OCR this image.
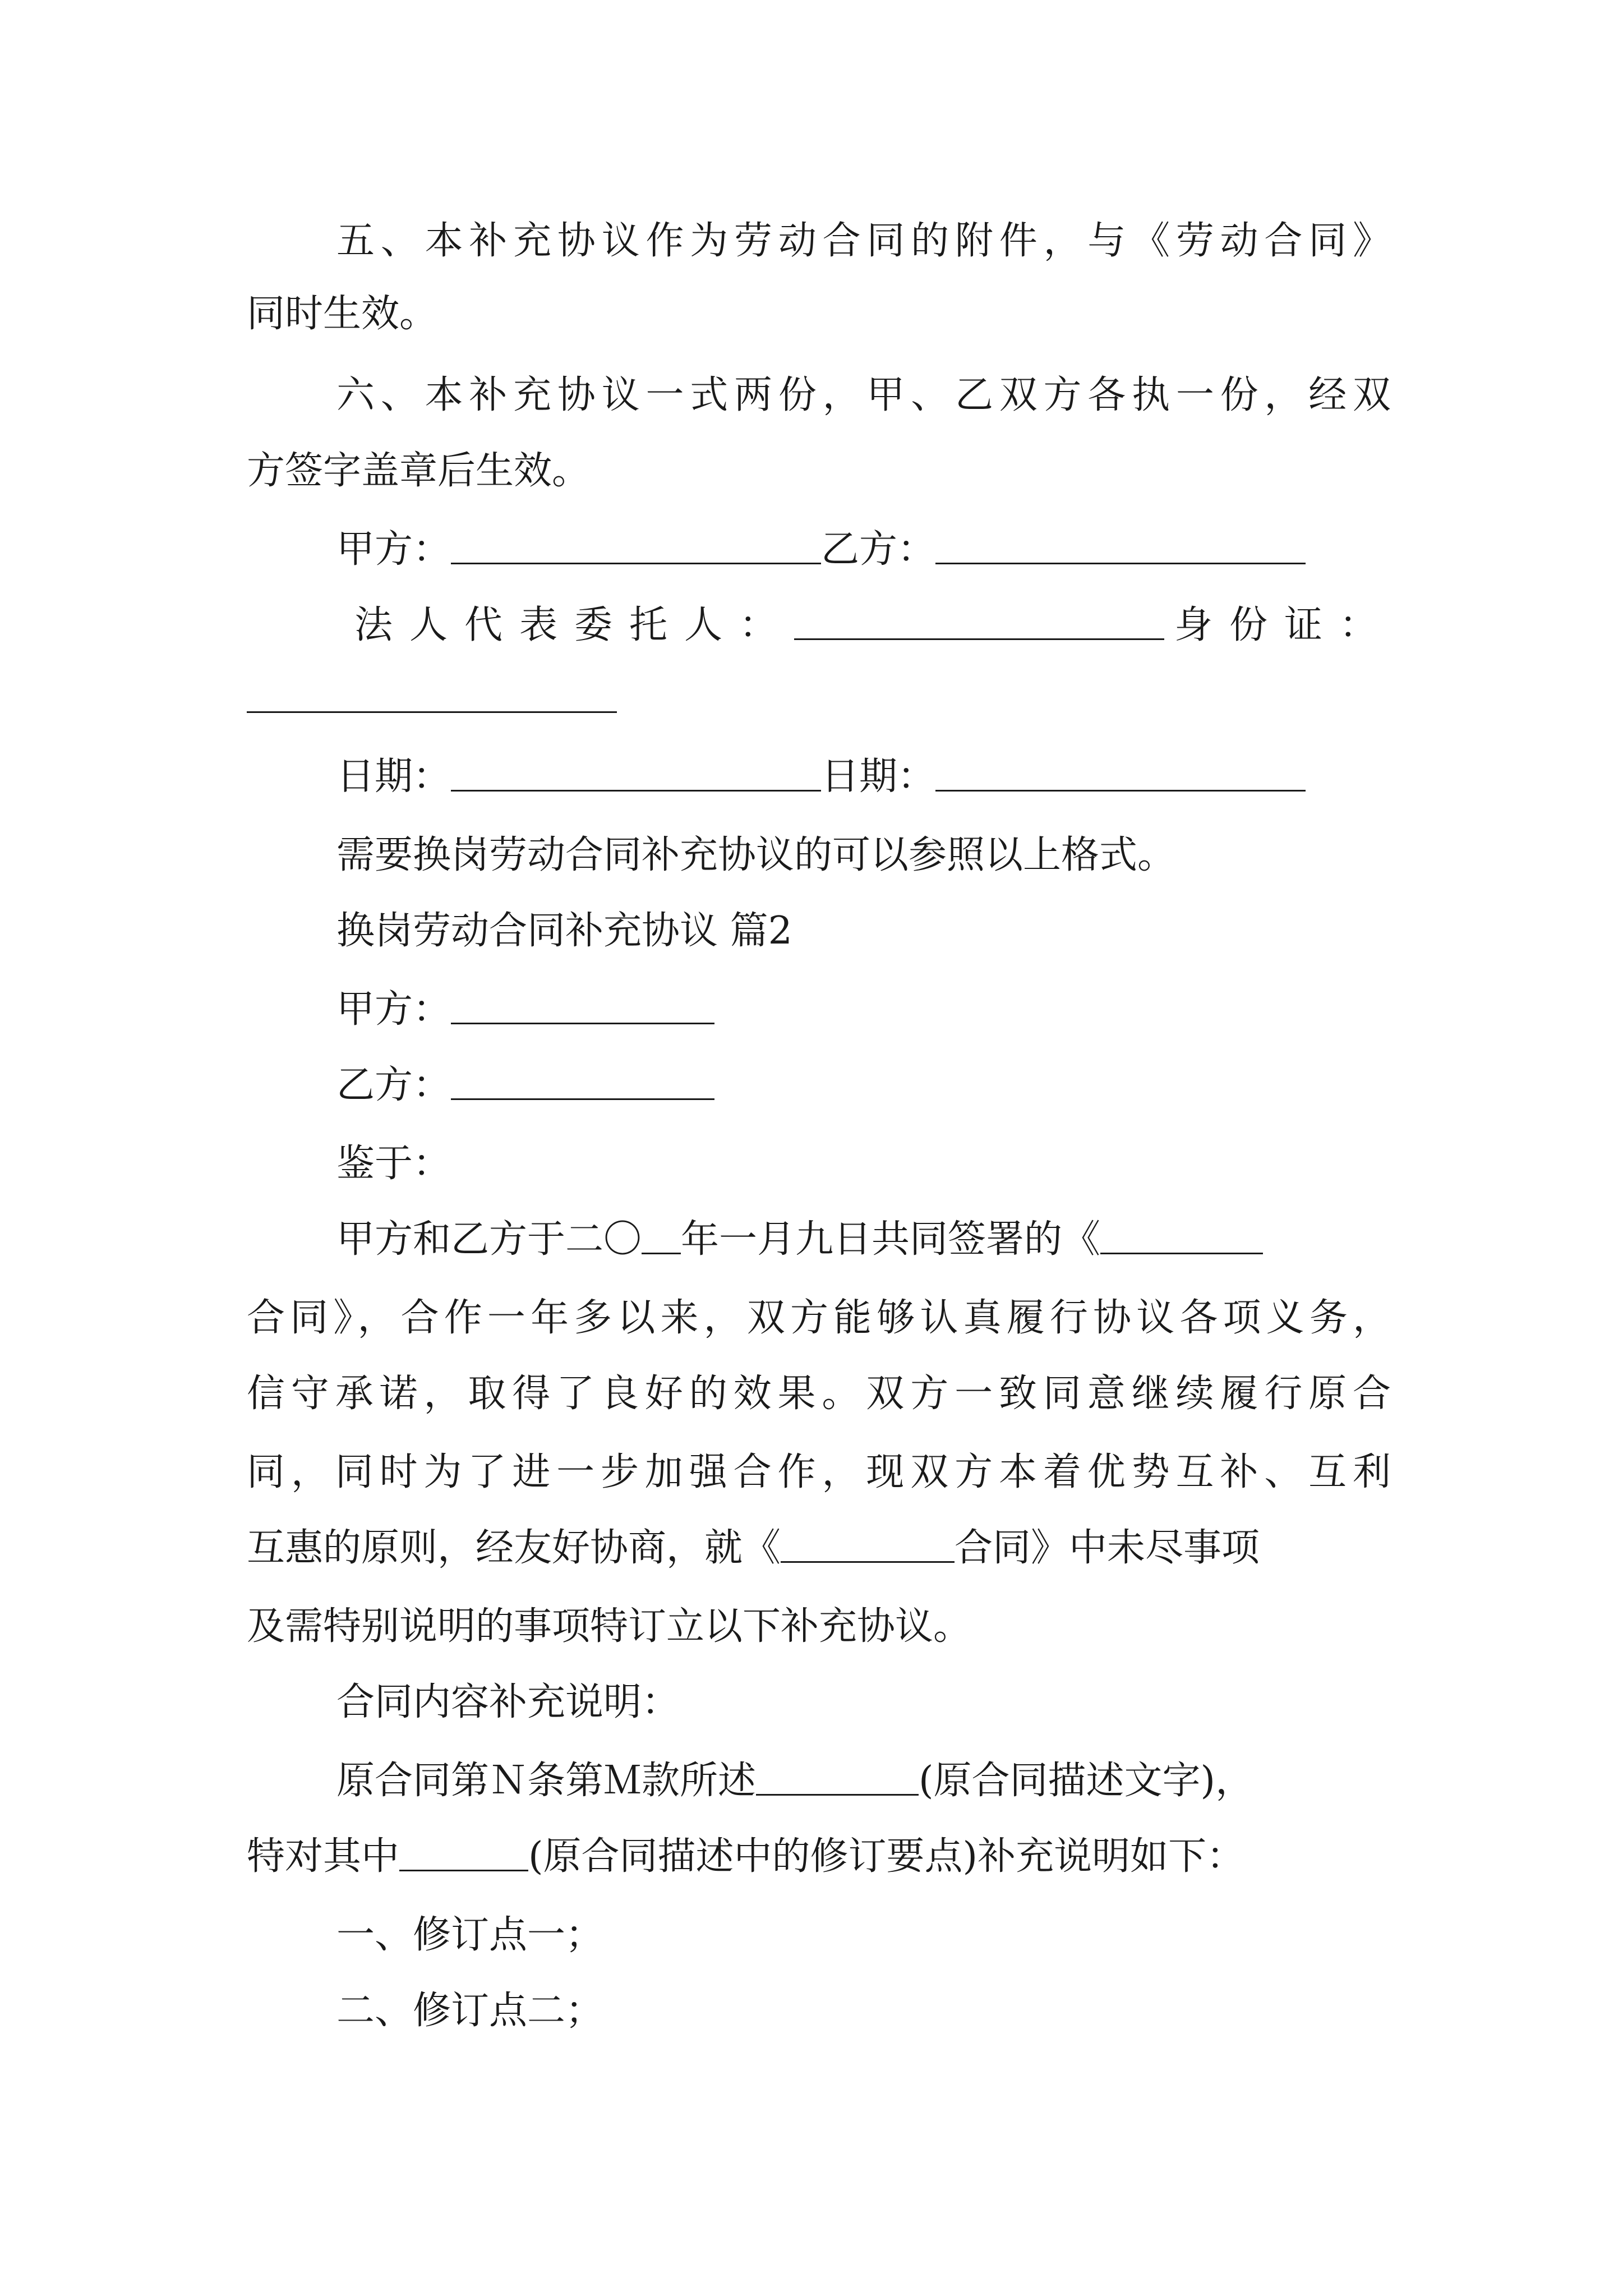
五、本补充协议作为劳动合同的附件，与《劳动合同》
同时生效。
六、本补充协议一式两份，甲、乙双方各执一份，经双
方签字盖章后生效。
甲方：	乙方：
法人代表委托人：	身份证：
日期：	日期：
需要换岗劳动合同补充协议的可以参照以上格式。
换岗劳动合同补充协议 篇2
甲方：
乙方：
鉴于：
甲方和乙方于二〇 年一月九日共同签署的《
合同》，合作一年多以来，双方能够认真履行协议各项义务，
信守承诺，取得了良好的效果。双方一致同意继续履行原合
同，同时为了进一步加强合作，现双方本着优势互补、互利
互惠的原则，经友好协商，就《	合同》中未尽事项
及需特别说明的事项特订立以下补充协议。
合同内容补充说明：
原合同第Ｎ条第Ｍ款所述	(原合同描述文字)，
特对其中	(原合同描述中的修订要点)补充说明如下：
一、修订点一；
二、修订点二；
